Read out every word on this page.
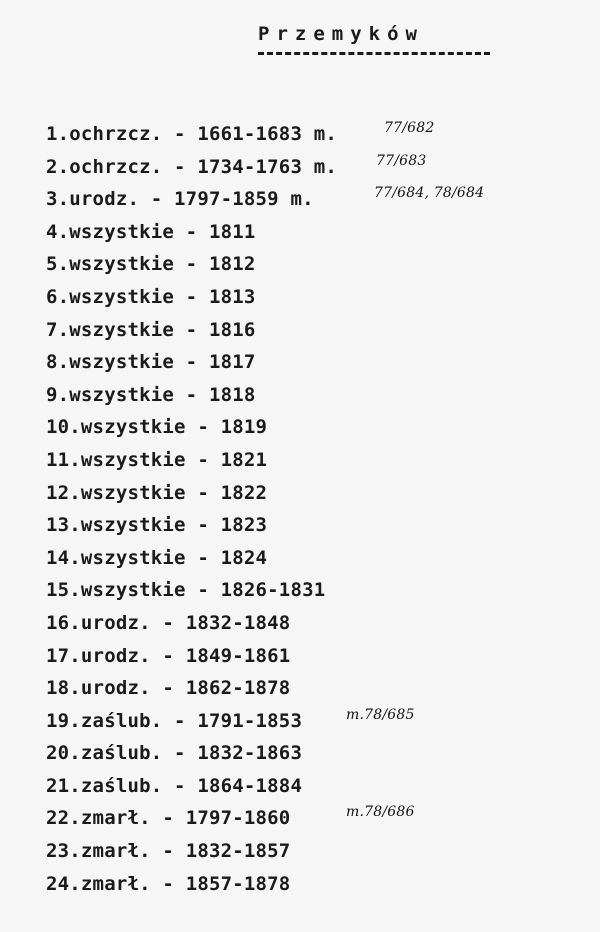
Przemyków
1.ochrzcz. - 1661-1683 m.	77/682
2.ochrzcz. - 1734-1763 m.	77/683
3.urodz. - 1797-1859 m.	77/684, 78/684
4.wszystkie - 1811
5.wszystkie - 1812
6.wszystkie - 1813
7.wszystkie - 1816
8.wszystkie - 1817
9.wszystkie - 1818
10.wszystkie - 1819
11.wszystkie - 1821
12.wszystkie - 1822
13.wszystkie - 1823
14.wszystkie - 1824
15.wszystkie - 1826-1831
16.urodz. - 1832-1848
17.urodz. - 1849-1861
18.urodz. - 1862-1878
19.zaślub. - 1791-1853	m.78/685
20.zaślub. - 1832-1863
21.zaślub. - 1864-1884
22.zmarł. - 1797-1860	m.78/686
23.zmarł. - 1832-1857
24.zmarł. - 1857-1878
